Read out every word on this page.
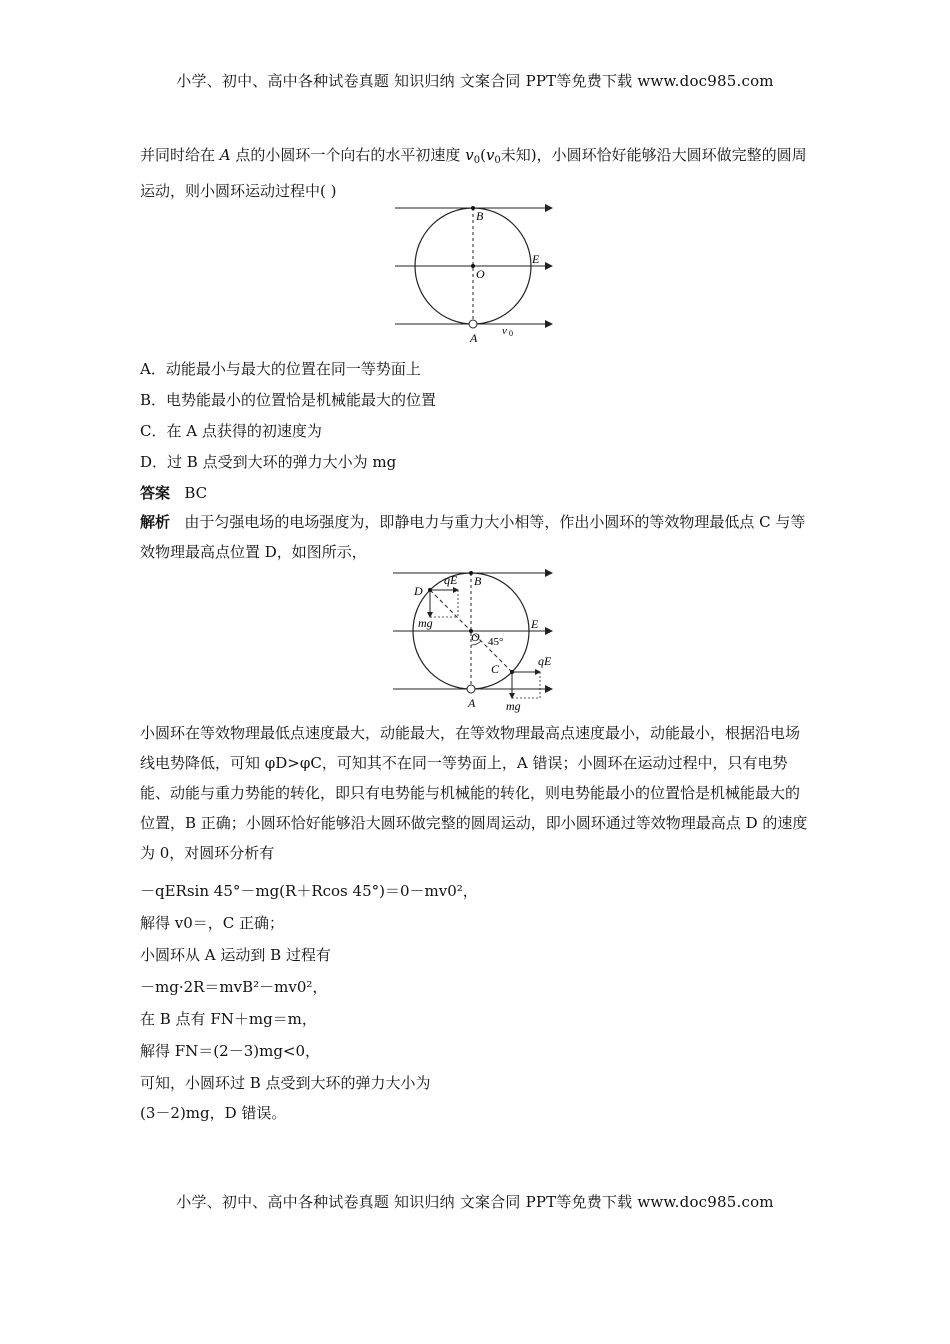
小学、初中、高中各种试卷真题 知识归纳 文案合同 PPT等免费下载 www.doc985.com
并同时给在 A 点的小圆环一个向右的水平初速度 $v_0(v_0$未知)，小圆环恰好能够沿大圆环做完整的圆周运动，则小圆环运动过程中( )
B
O
E
A v 0
A．动能最小与最大的位置在同一等势面上
B．电势能最小的位置恰是机械能最大的位置
C．在 A 点获得的初速度为
D．过 B 点受到大环的弹力大小为 mg
答案 BC
解析 由于匀强电场的电场强度为，即静电力与重力大小相等，作出小圆环的等效物理最低点 C 与等效物理最高点位置 D，如图所示，
D
qE B
mg
O 45°
E
C
qE
mg
A
小圆环在等效物理最低点速度最大，动能最大，在等效物理最高点速度最小，动能最小，根据沿电场线电势降低，可知 φD>φC，可知其不在同一等势面上，A 错误；小圆环在运动过程中，只有电势能、动能与重力势能的转化，即只有电势能与机械能的转化，则电势能最小的位置恰是机械能最大的位置，B 正确；小圆环恰好能够沿大圆环做完整的圆周运动，即小圆环通过等效物理最高点 D 的速度为 0，对圆环分析有
－qERsin 45°－mg(R＋Rcos 45°)＝0－mv0²，
解得 v0＝，C 正确；
小圆环从 A 运动到 B 过程有
－mg·2R＝mvB²－mv0²，
在 B 点有 FN＋mg＝m，
解得 FN＝(2－3)mg<0，
可知，小圆环过 B 点受到大环的弹力大小为
(3－2)mg，D 错误。
小学、初中、高中各种试卷真题 知识归纳 文案合同 PPT等免费下载 www.doc985.com
